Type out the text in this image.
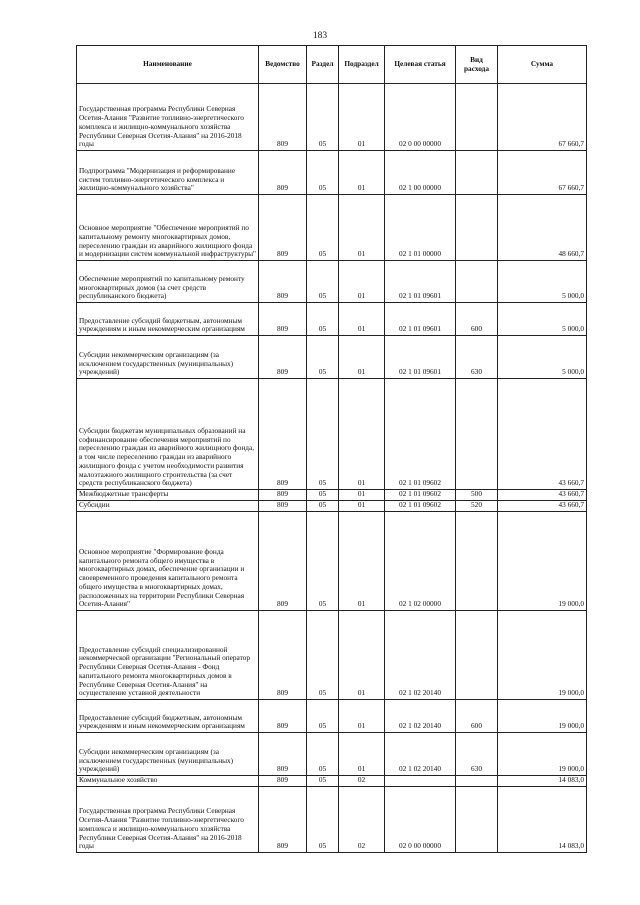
183
Наименование	Ведомство	Раздел	Подраздел	Целевая статья	Вид расхода	Сумма
Государственная программа Республики Северная Осетия-Алания "Развитие топливно-энергетического комплекса и жилищно-коммунального хозяйства Республики Северная Осетия-Алания" на 2016-2018 годы	809	05	01	02 0 00 00000		67 660,7
Подпрограмма "Модернизация и реформирование систем топливно-энергетического комплекса и жилищно-коммунального хозяйства"	809	05	01	02 1 00 00000		67 660,7
Основное мероприятие "Обеспечение мероприятий по капитальному ремонту многоквартирных домов, переселению граждан из аварийного жилищного фонда и модернизации систем коммунальной инфраструктуры"	809	05	01	02 1 01 00000		48 660,7
Обеспечение мероприятий по капитальному ремонту многоквартирных домов (за счет средств республиканского бюджета)	809	05	01	02 1 01 09601		5 000,0
Предоставление субсидий бюджетным, автономным учреждениям и иным некоммерческим организациям	809	05	01	02 1 01 09601	600	5 000,0
Субсидии некоммерческим организациям (за исключением государственных (муниципальных) учреждений)	809	05	01	02 1 01 09601	630	5 000,0
Субсидии бюджетам муниципальных образований на софинансирование обеспечения мероприятий по переселению граждан из аварийного жилищного фонда, в том числе переселению граждан из аварийного жилищного фонда с учетом необходимости развития малоэтажного жилищного строительства (за счет средств республиканского бюджета)	809	05	01	02 1 01 09602		43 660,7
Межбюджетные трансферты	809	05	01	02 1 01 09602	500	43 660,7
Субсидии	809	05	01	02 1 01 09602	520	43 660,7
Основное мероприятие "Формирование фонда капитального ремонта общего имущества в многоквартирных домах, обеспечение организации и своевременного проведения капитального ремонта общего имущества в многоквартирных домах, расположенных на территории Республики Северная Осетия-Алания"	809	05	01	02 1 02 00000		19 000,0
Предоставление субсидий специализированной некоммерческой организации "Региональный оператор Республики Северная Осетия-Алания - Фонд капитального ремонта многоквартирных домов в Республике Северная Осетия-Алания" на осуществление уставной деятельности	809	05	01	02 1 02 20140		19 000,0
Предоставление субсидий бюджетным, автономным учреждениям и иным некоммерческим организациям	809	05	01	02 1 02 20140	600	19 000,0
Субсидии некоммерческим организациям (за исключением государственных (муниципальных) учреждений)	809	05	01	02 1 02 20140	630	19 000,0
Коммунальное хозяйство	809	05	02			14 083,0
Государственная программа Республики Северная Осетия-Алания "Развитие топливно-энергетического комплекса и жилищно-коммунального хозяйства Республики Северная Осетия-Алания" на 2016-2018 годы	809	05	02	02 0 00 00000		14 083,0
